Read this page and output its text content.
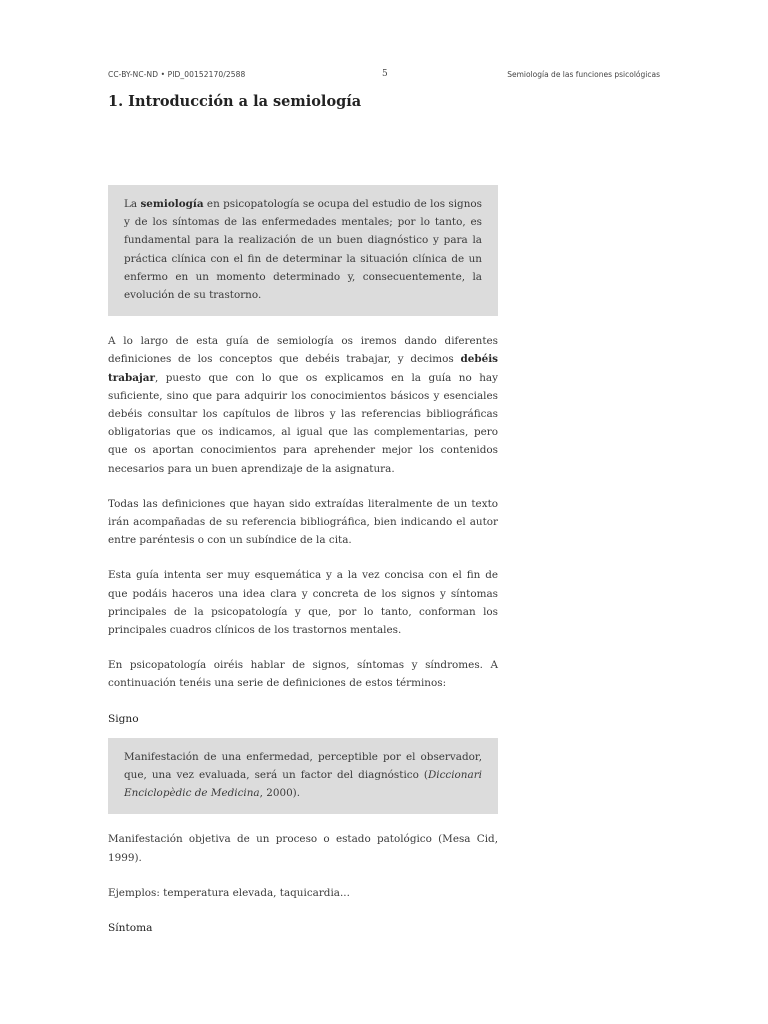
CC-BY-NC-ND • PID_00152170/2588	5	Semiología de las funciones psicológicas
1. Introducción a la semiología
La semiología en psicopatología se ocupa del estudio de los signos y de los síntomas de las enfermedades mentales; por lo tanto, es fundamental para la realización de un buen diagnóstico y para la práctica clínica con el fin de determinar la situación clínica de un enfermo en un momento determinado y, consecuentemente, la evolución de su trastorno.

A lo largo de esta guía de semiología os iremos dando diferentes definiciones de los conceptos que debéis trabajar, y decimos debéis trabajar, puesto que con lo que os explicamos en la guía no hay suficiente, sino que para adquirir los conocimientos básicos y esenciales debéis consultar los capítulos de libros y las referencias bibliográficas obligatorias que os indicamos, al igual que las complementarias, pero que os aportan conocimientos para aprehender mejor los contenidos necesarios para un buen aprendizaje de la asignatura.

Todas las definiciones que hayan sido extraídas literalmente de un texto irán acompañadas de su referencia bibliográfica, bien indicando el autor entre paréntesis o con un subíndice de la cita.

Esta guía intenta ser muy esquemática y a la vez concisa con el fin de que podáis haceros una idea clara y concreta de los signos y síntomas principales de la psicopatología y que, por lo tanto, conforman los principales cuadros clínicos de los trastornos mentales.

En psicopatología oiréis hablar de signos, síntomas y síndromes. A continuación tenéis una serie de definiciones de estos términos:

Signo

Manifestación de una enfermedad, perceptible por el observador, que, una vez evaluada, será un factor del diagnóstico (Diccionari Enciclopèdic de Medicina, 2000).

Manifestación objetiva de un proceso o estado patológico (Mesa Cid, 1999).

Ejemplos: temperatura elevada, taquicardia...

Síntoma
